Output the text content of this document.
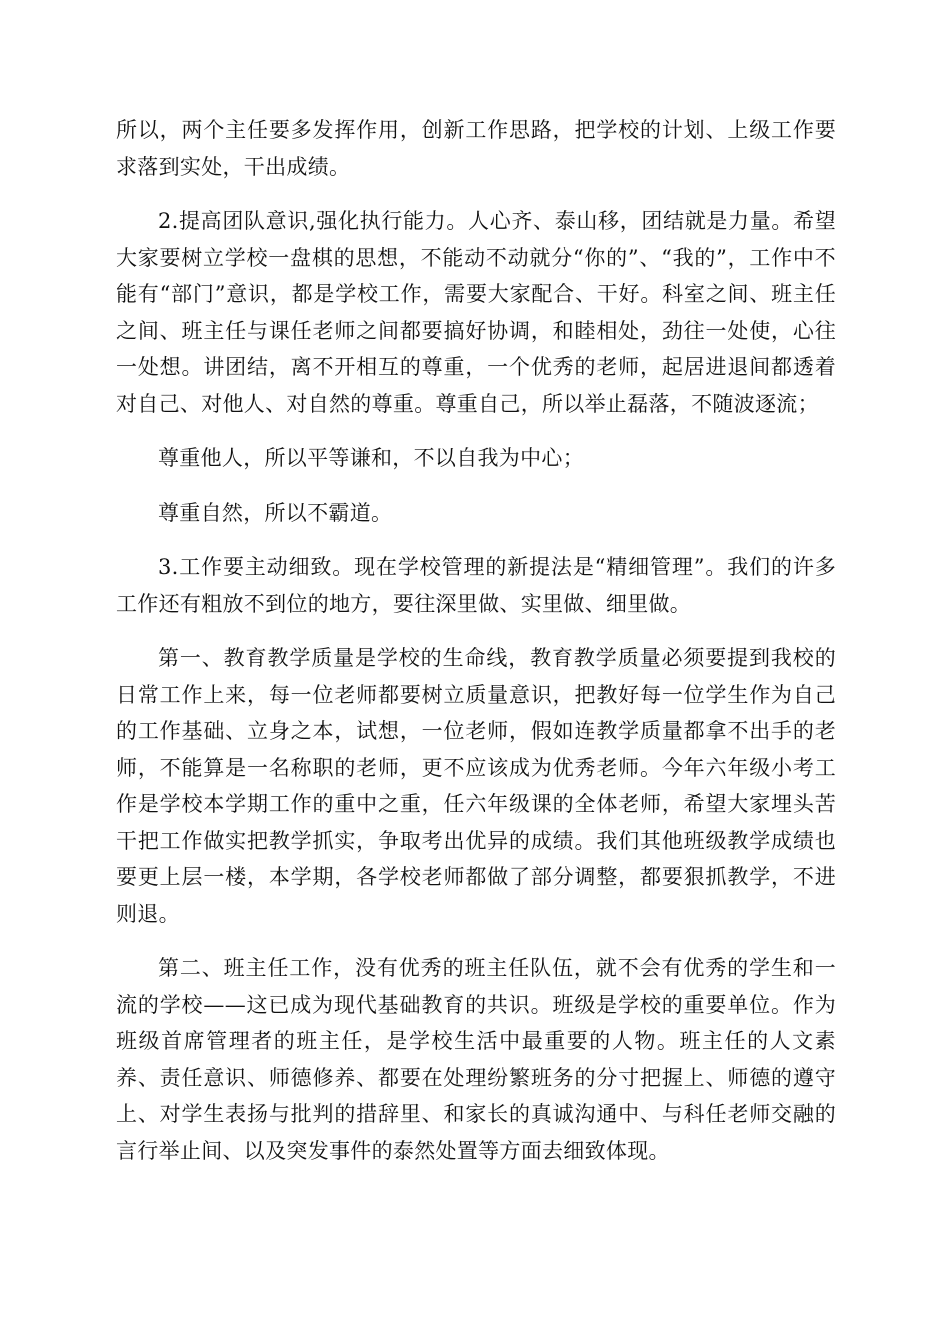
所以，两个主任要多发挥作用，创新工作思路，把学校的计划、上级工作要求落到实处，干出成绩。

2.提高团队意识,强化执行能力。人心齐、泰山移，团结就是力量。希望大家要树立学校一盘棋的思想，不能动不动就分“你的”、“我的”，工作中不能有“部门”意识，都是学校工作，需要大家配合、干好。科室之间、班主任之间、班主任与课任老师之间都要搞好协调，和睦相处，劲往一处使，心往一处想。讲团结，离不开相互的尊重，一个优秀的老师，起居进退间都透着对自己、对他人、对自然的尊重。尊重自己，所以举止磊落，不随波逐流；

尊重他人，所以平等谦和，不以自我为中心；

尊重自然，所以不霸道。

3.工作要主动细致。现在学校管理的新提法是“精细管理”。我们的许多工作还有粗放不到位的地方，要往深里做、实里做、细里做。

第一、教育教学质量是学校的生命线，教育教学质量必须要提到我校的日常工作上来，每一位老师都要树立质量意识，把教好每一位学生作为自己的工作基础、立身之本，试想，一位老师，假如连教学质量都拿不出手的老师，不能算是一名称职的老师，更不应该成为优秀老师。今年六年级小考工作是学校本学期工作的重中之重，任六年级课的全体老师，希望大家埋头苦干把工作做实把教学抓实，争取考出优异的成绩。我们其他班级教学成绩也要更上层一楼，本学期，各学校老师都做了部分调整，都要狠抓教学，不进则退。

第二、班主任工作，没有优秀的班主任队伍，就不会有优秀的学生和一流的学校——这已成为现代基础教育的共识。班级是学校的重要单位。作为班级首席管理者的班主任，是学校生活中最重要的人物。班主任的人文素养、责任意识、师德修养、都要在处理纷繁班务的分寸把握上、师德的遵守上、对学生表扬与批判的措辞里、和家长的真诚沟通中、与科任老师交融的言行举止间、以及突发事件的泰然处置等方面去细致体现。
